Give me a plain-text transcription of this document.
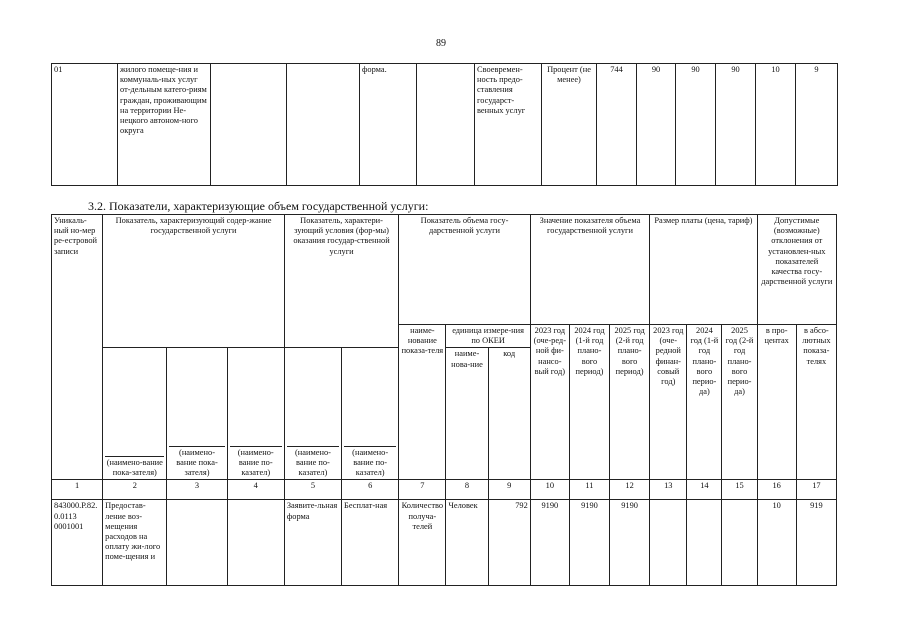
89
01	жилого помеще-ния и коммуналь-ных услуг от-дельным катего-риям граждан, проживающим на территории Не-нецкого автоном-ного округа			форма.		Своевремен-ность предо-ставления государст-венных услуг	Процент (не менее)	744	90	90	90	10	9
3.2. Показатели, характеризующие объем государственной услуги:
Уникаль-ный но-мер ре-естровой записи	Показатель, характеризующий содер-жание государственной услуги			Показатель, характери-зующий условия (фор-мы) оказания государ-ственной услуги		Показатель объема госу-дарственной услуги			Значение показателя объема государственной услуги			Размер платы (цена, тариф)			Допустимые (возможные) отклонения от установлен-ных показателей качества госу-дарственной услуги	
						наиме-нование показа-теля	единица измере-ния по ОКЕИ		2023 год (оче-ред-ной фи-нансо-вый год)	2024 год (1-й год плано-вого период)	2025 год (2-й год плано-вого период)	2023 год (оче-редной финан-совый год)	2024 год (1-й год плано-вого перио-да)	2025 год (2-й год плано-вого перио-да)	в про-центах	в абсо-лютных показа-телях
	(наимено-вание пока-зателя)	(наимено-вание пока-зателя)	(наимено-вание по-казател)	(наимено-вание по-казател)	(наимено-вание по-казател)		наиме-нова-ние	код								
1	2	3	4	5	6	7	8	9	10	11	12	13	14	15	16	17
843000.Р.82.0.0113 0001001	Предостав-ление воз-мещения расходов на оплату жи-лого поме-щения и			Заявите-льная форма	Бесплат-ная	Количество получа-телей	Человек	792	9190	9190	9190				10	919
